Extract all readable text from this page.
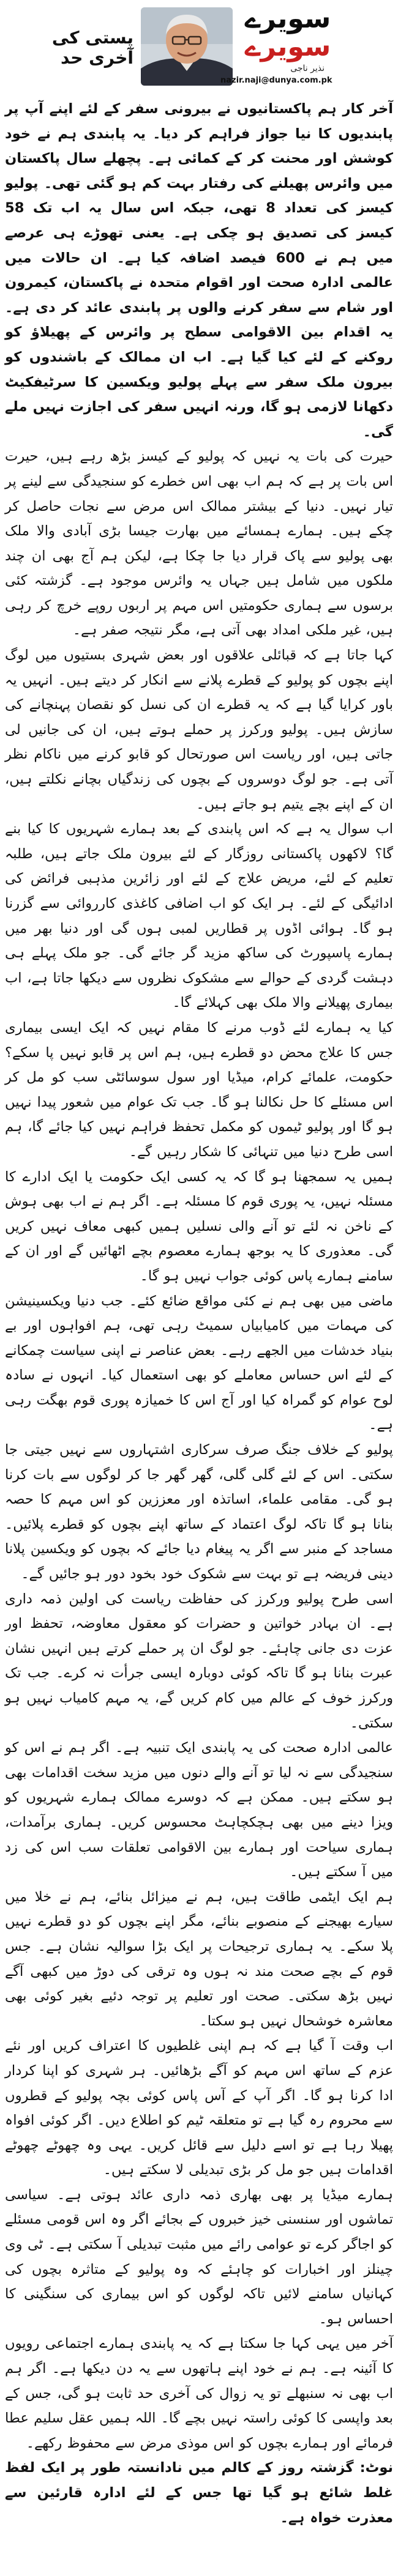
پستی کی آخری حد
سویرے
سویرے
نذیر ناجی
nazir.naji@dunya.com.pk

آخر کار ہم پاکستانیوں نے بیرونی سفر کے لئے اپنے آپ پر پابندیوں کا نیا جواز فراہم کر دیا۔ یہ پابندی ہم نے خود کوشش اور محنت کر کے کمائی ہے۔ پچھلے سال پاکستان میں وائرس پھیلنے کی رفتار بہت کم ہو گئی تھی۔ پولیو کیسز کی تعداد 8 تھی، جبکہ اس سال یہ اب تک 58 کیسز کی تصدیق ہو چکی ہے۔ یعنی تھوڑے ہی عرصے میں ہم نے 600 فیصد اضافہ کیا ہے۔ ان حالات میں عالمی ادارہ صحت اور اقوام متحدہ نے پاکستان، کیمرون اور شام سے سفر کرنے والوں پر پابندی عائد کر دی ہے۔ یہ اقدام بین الاقوامی سطح پر وائرس کے پھیلاؤ کو روکنے کے لئے کیا گیا ہے۔ اب ان ممالک کے باشندوں کو بیرون ملک سفر سے پہلے پولیو ویکسین کا سرٹیفکیٹ دکھانا لازمی ہو گا، ورنہ انہیں سفر کی اجازت نہیں ملے گی۔

حیرت کی بات یہ نہیں کہ پولیو کے کیسز بڑھ رہے ہیں، حیرت اس بات پر ہے کہ ہم اب بھی اس خطرے کو سنجیدگی سے لینے پر تیار نہیں۔ دنیا کے بیشتر ممالک اس مرض سے نجات حاصل کر چکے ہیں۔ ہمارے ہمسائے میں بھارت جیسا بڑی آبادی والا ملک بھی پولیو سے پاک قرار دیا جا چکا ہے، لیکن ہم آج بھی ان چند ملکوں میں شامل ہیں جہاں یہ وائرس موجود ہے۔ گزشتہ کئی برسوں سے ہماری حکومتیں اس مہم پر اربوں روپے خرچ کر رہی ہیں، غیر ملکی امداد بھی آتی ہے، مگر نتیجہ صفر ہے۔

کہا جاتا ہے کہ قبائلی علاقوں اور بعض شہری بستیوں میں لوگ اپنے بچوں کو پولیو کے قطرے پلانے سے انکار کر دیتے ہیں۔ انہیں یہ باور کرایا گیا ہے کہ یہ قطرے ان کی نسل کو نقصان پہنچانے کی سازش ہیں۔ پولیو ورکرز پر حملے ہوتے ہیں، ان کی جانیں لی جاتی ہیں، اور ریاست اس صورتحال کو قابو کرنے میں ناکام نظر آتی ہے۔ جو لوگ دوسروں کے بچوں کی زندگیاں بچانے نکلتے ہیں، ان کے اپنے بچے یتیم ہو جاتے ہیں۔

اب سوال یہ ہے کہ اس پابندی کے بعد ہمارے شہریوں کا کیا بنے گا؟ لاکھوں پاکستانی روزگار کے لئے بیرون ملک جاتے ہیں، طلبہ تعلیم کے لئے، مریض علاج کے لئے اور زائرین مذہبی فرائض کی ادائیگی کے لئے۔ ہر ایک کو اب اضافی کاغذی کارروائی سے گزرنا ہو گا۔ ہوائی اڈوں پر قطاریں لمبی ہوں گی اور دنیا بھر میں ہمارے پاسپورٹ کی ساکھ مزید گر جائے گی۔ جو ملک پہلے ہی دہشت گردی کے حوالے سے مشکوک نظروں سے دیکھا جاتا ہے، اب بیماری پھیلانے والا ملک بھی کہلائے گا۔

کیا یہ ہمارے لئے ڈوب مرنے کا مقام نہیں کہ ایک ایسی بیماری جس کا علاج محض دو قطرے ہیں، ہم اس پر قابو نہیں پا سکے؟ حکومت، علمائے کرام، میڈیا اور سول سوسائٹی سب کو مل کر اس مسئلے کا حل نکالنا ہو گا۔ جب تک عوام میں شعور پیدا نہیں ہو گا اور پولیو ٹیموں کو مکمل تحفظ فراہم نہیں کیا جائے گا، ہم اسی طرح دنیا میں تنہائی کا شکار رہیں گے۔

ہمیں یہ سمجھنا ہو گا کہ یہ کسی ایک حکومت یا ایک ادارے کا مسئلہ نہیں، یہ پوری قوم کا مسئلہ ہے۔ اگر ہم نے اب بھی ہوش کے ناخن نہ لئے تو آنے والی نسلیں ہمیں کبھی معاف نہیں کریں گی۔ معذوری کا یہ بوجھ ہمارے معصوم بچے اٹھائیں گے اور ان کے سامنے ہمارے پاس کوئی جواب نہیں ہو گا۔

ماضی میں بھی ہم نے کئی مواقع ضائع کئے۔ جب دنیا ویکسینیشن کی مہمات میں کامیابیاں سمیٹ رہی تھی، ہم افواہوں اور بے بنیاد خدشات میں الجھے رہے۔ بعض عناصر نے اپنی سیاست چمکانے کے لئے اس حساس معاملے کو بھی استعمال کیا۔ انہوں نے سادہ لوح عوام کو گمراہ کیا اور آج اس کا خمیازہ پوری قوم بھگت رہی ہے۔

پولیو کے خلاف جنگ صرف سرکاری اشتہاروں سے نہیں جیتی جا سکتی۔ اس کے لئے گلی گلی، گھر گھر جا کر لوگوں سے بات کرنا ہو گی۔ مقامی علماء، اساتذہ اور معززین کو اس مہم کا حصہ بنانا ہو گا تاکہ لوگ اعتماد کے ساتھ اپنے بچوں کو قطرے پلائیں۔ مساجد کے منبر سے اگر یہ پیغام دیا جائے کہ بچوں کو ویکسین پلانا دینی فریضہ ہے تو بہت سے شکوک خود بخود دور ہو جائیں گے۔

اسی طرح پولیو ورکرز کی حفاظت ریاست کی اولین ذمہ داری ہے۔ ان بہادر خواتین و حضرات کو معقول معاوضہ، تحفظ اور عزت دی جانی چاہئے۔ جو لوگ ان پر حملے کرتے ہیں انہیں نشان عبرت بنانا ہو گا تاکہ کوئی دوبارہ ایسی جرأت نہ کرے۔ جب تک ورکرز خوف کے عالم میں کام کریں گے، یہ مہم کامیاب نہیں ہو سکتی۔

عالمی ادارہ صحت کی یہ پابندی ایک تنبیہ ہے۔ اگر ہم نے اس کو سنجیدگی سے نہ لیا تو آنے والے دنوں میں مزید سخت اقدامات بھی ہو سکتے ہیں۔ ممکن ہے کہ دوسرے ممالک ہمارے شہریوں کو ویزا دینے میں بھی ہچکچاہٹ محسوس کریں۔ ہماری برآمدات، ہماری سیاحت اور ہمارے بین الاقوامی تعلقات سب اس کی زد میں آ سکتے ہیں۔

ہم ایک ایٹمی طاقت ہیں، ہم نے میزائل بنائے، ہم نے خلا میں سیارے بھیجنے کے منصوبے بنائے، مگر اپنے بچوں کو دو قطرے نہیں پلا سکے۔ یہ ہماری ترجیحات پر ایک بڑا سوالیہ نشان ہے۔ جس قوم کے بچے صحت مند نہ ہوں وہ ترقی کی دوڑ میں کبھی آگے نہیں بڑھ سکتی۔ صحت اور تعلیم پر توجہ دئیے بغیر کوئی بھی معاشرہ خوشحال نہیں ہو سکتا۔

اب وقت آ گیا ہے کہ ہم اپنی غلطیوں کا اعتراف کریں اور نئے عزم کے ساتھ اس مہم کو آگے بڑھائیں۔ ہر شہری کو اپنا کردار ادا کرنا ہو گا۔ اگر آپ کے آس پاس کوئی بچہ پولیو کے قطروں سے محروم رہ گیا ہے تو متعلقہ ٹیم کو اطلاع دیں۔ اگر کوئی افواہ پھیلا رہا ہے تو اسے دلیل سے قائل کریں۔ یہی وہ چھوٹے چھوٹے اقدامات ہیں جو مل کر بڑی تبدیلی لا سکتے ہیں۔

ہمارے میڈیا پر بھی بھاری ذمہ داری عائد ہوتی ہے۔ سیاسی تماشوں اور سنسنی خیز خبروں کے بجائے اگر وہ اس قومی مسئلے کو اجاگر کرے تو عوامی رائے میں مثبت تبدیلی آ سکتی ہے۔ ٹی وی چینلز اور اخبارات کو چاہئے کہ وہ پولیو کے متاثرہ بچوں کی کہانیاں سامنے لائیں تاکہ لوگوں کو اس بیماری کی سنگینی کا احساس ہو۔

آخر میں یہی کہا جا سکتا ہے کہ یہ پابندی ہمارے اجتماعی رویوں کا آئینہ ہے۔ ہم نے خود اپنے ہاتھوں سے یہ دن دیکھا ہے۔ اگر ہم اب بھی نہ سنبھلے تو یہ زوال کی آخری حد ثابت ہو گی، جس کے بعد واپسی کا کوئی راستہ نہیں بچے گا۔ اللہ ہمیں عقل سلیم عطا فرمائے اور ہمارے بچوں کو اس موذی مرض سے محفوظ رکھے۔

نوٹ: گزشتہ روز کے کالم میں نادانستہ طور پر ایک لفظ غلط شائع ہو گیا تھا جس کے لئے ادارہ قارئین سے معذرت خواہ ہے۔
